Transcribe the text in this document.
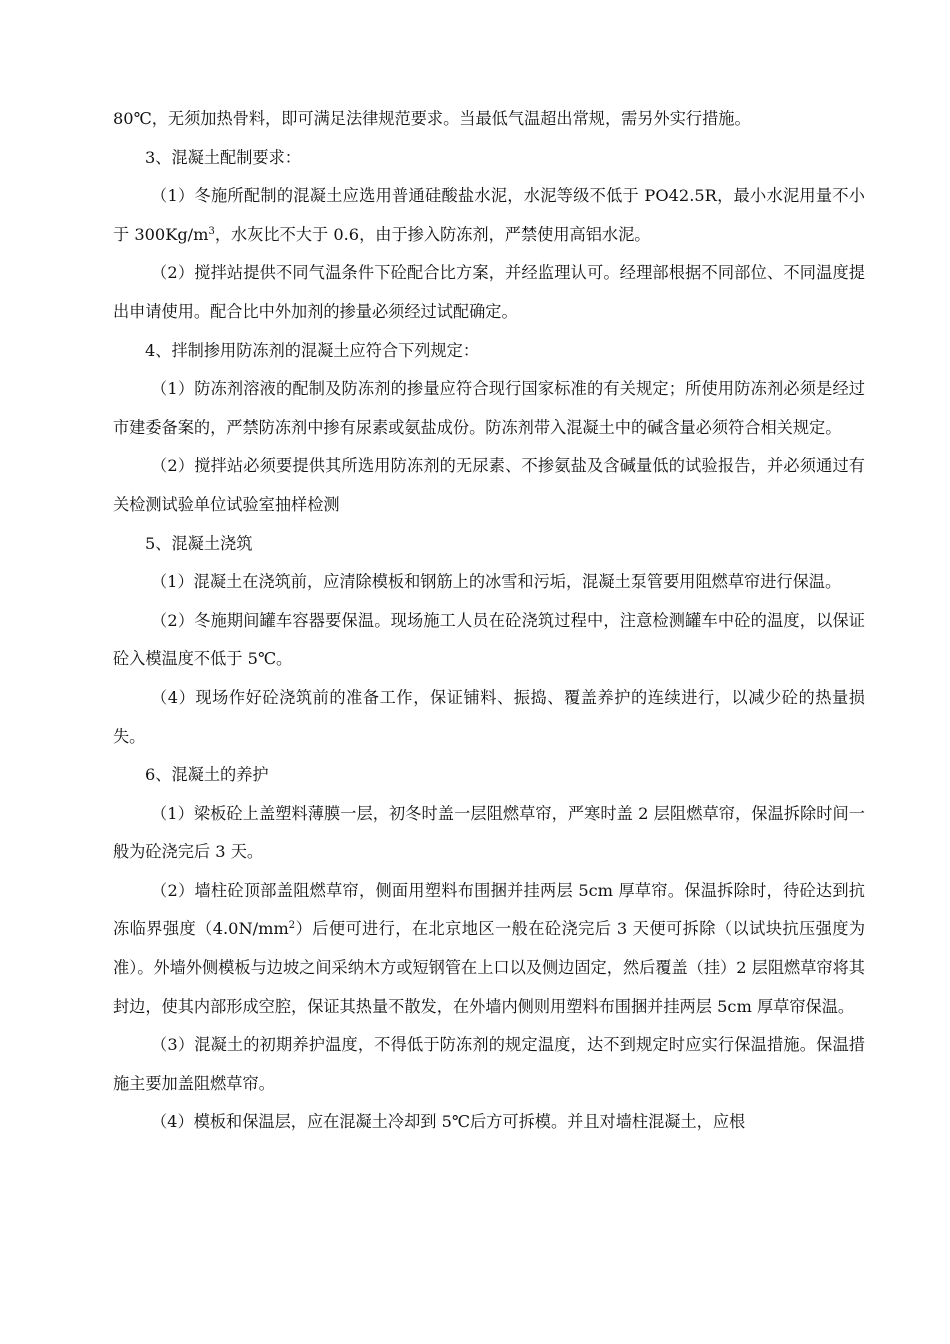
80℃，无须加热骨料，即可满足法律规范要求。当最低气温超出常规，需另外实行措施。

3、混凝土配制要求：

（1）冬施所配制的混凝土应选用普通硅酸盐水泥，水泥等级不低于 PO42.5R，最小水泥用量不小于 $300Kg/m^3$，水灰比不大于 0.6，由于掺入防冻剂，严禁使用高铝水泥。

（2）搅拌站提供不同气温条件下砼配合比方案，并经监理认可。经理部根据不同部位、不同温度提出申请使用。配合比中外加剂的掺量必须经过试配确定。

4、拌制掺用防冻剂的混凝土应符合下列规定：

（1）防冻剂溶液的配制及防冻剂的掺量应符合现行国家标准的有关规定；所使用防冻剂必须是经过市建委备案的，严禁防冻剂中掺有尿素或氨盐成份。防冻剂带入混凝土中的碱含量必须符合相关规定。

（2）搅拌站必须要提供其所选用防冻剂的无尿素、不掺氨盐及含碱量低的试验报告，并必须通过有关检测试验单位试验室抽样检测

5、混凝土浇筑

（1）混凝土在浇筑前，应清除模板和钢筋上的冰雪和污垢，混凝土泵管要用阻燃草帘进行保温。

（2）冬施期间罐车容器要保温。现场施工人员在砼浇筑过程中，注意检测罐车中砼的温度，以保证砼入模温度不低于 5℃。

（4）现场作好砼浇筑前的准备工作，保证铺料、振捣、覆盖养护的连续进行，以减少砼的热量损失。

6、混凝土的养护

（1）梁板砼上盖塑料薄膜一层，初冬时盖一层阻燃草帘，严寒时盖 2 层阻燃草帘，保温拆除时间一般为砼浇完后 3 天。

（2）墙柱砼顶部盖阻燃草帘，侧面用塑料布围捆并挂两层 5cm 厚草帘。保温拆除时，待砼达到抗冻临界强度$(4.0N/mm^2)$后便可进行，在北京地区一般在砼浇完后 3 天便可拆除（以试块抗压强度为准）。外墙外侧模板与边坡之间采纳木方或短钢管在上口以及侧边固定，然后覆盖（挂）2 层阻燃草帘将其封边，使其内部形成空腔，保证其热量不散发，在外墙内侧则用塑料布围捆并挂两层 5cm 厚草帘保温。

（3）混凝土的初期养护温度，不得低于防冻剂的规定温度，达不到规定时应实行保温措施。保温措施主要加盖阻燃草帘。

（4）模板和保温层，应在混凝土冷却到 5℃后方可拆模。并且对墙柱混凝土，应根
